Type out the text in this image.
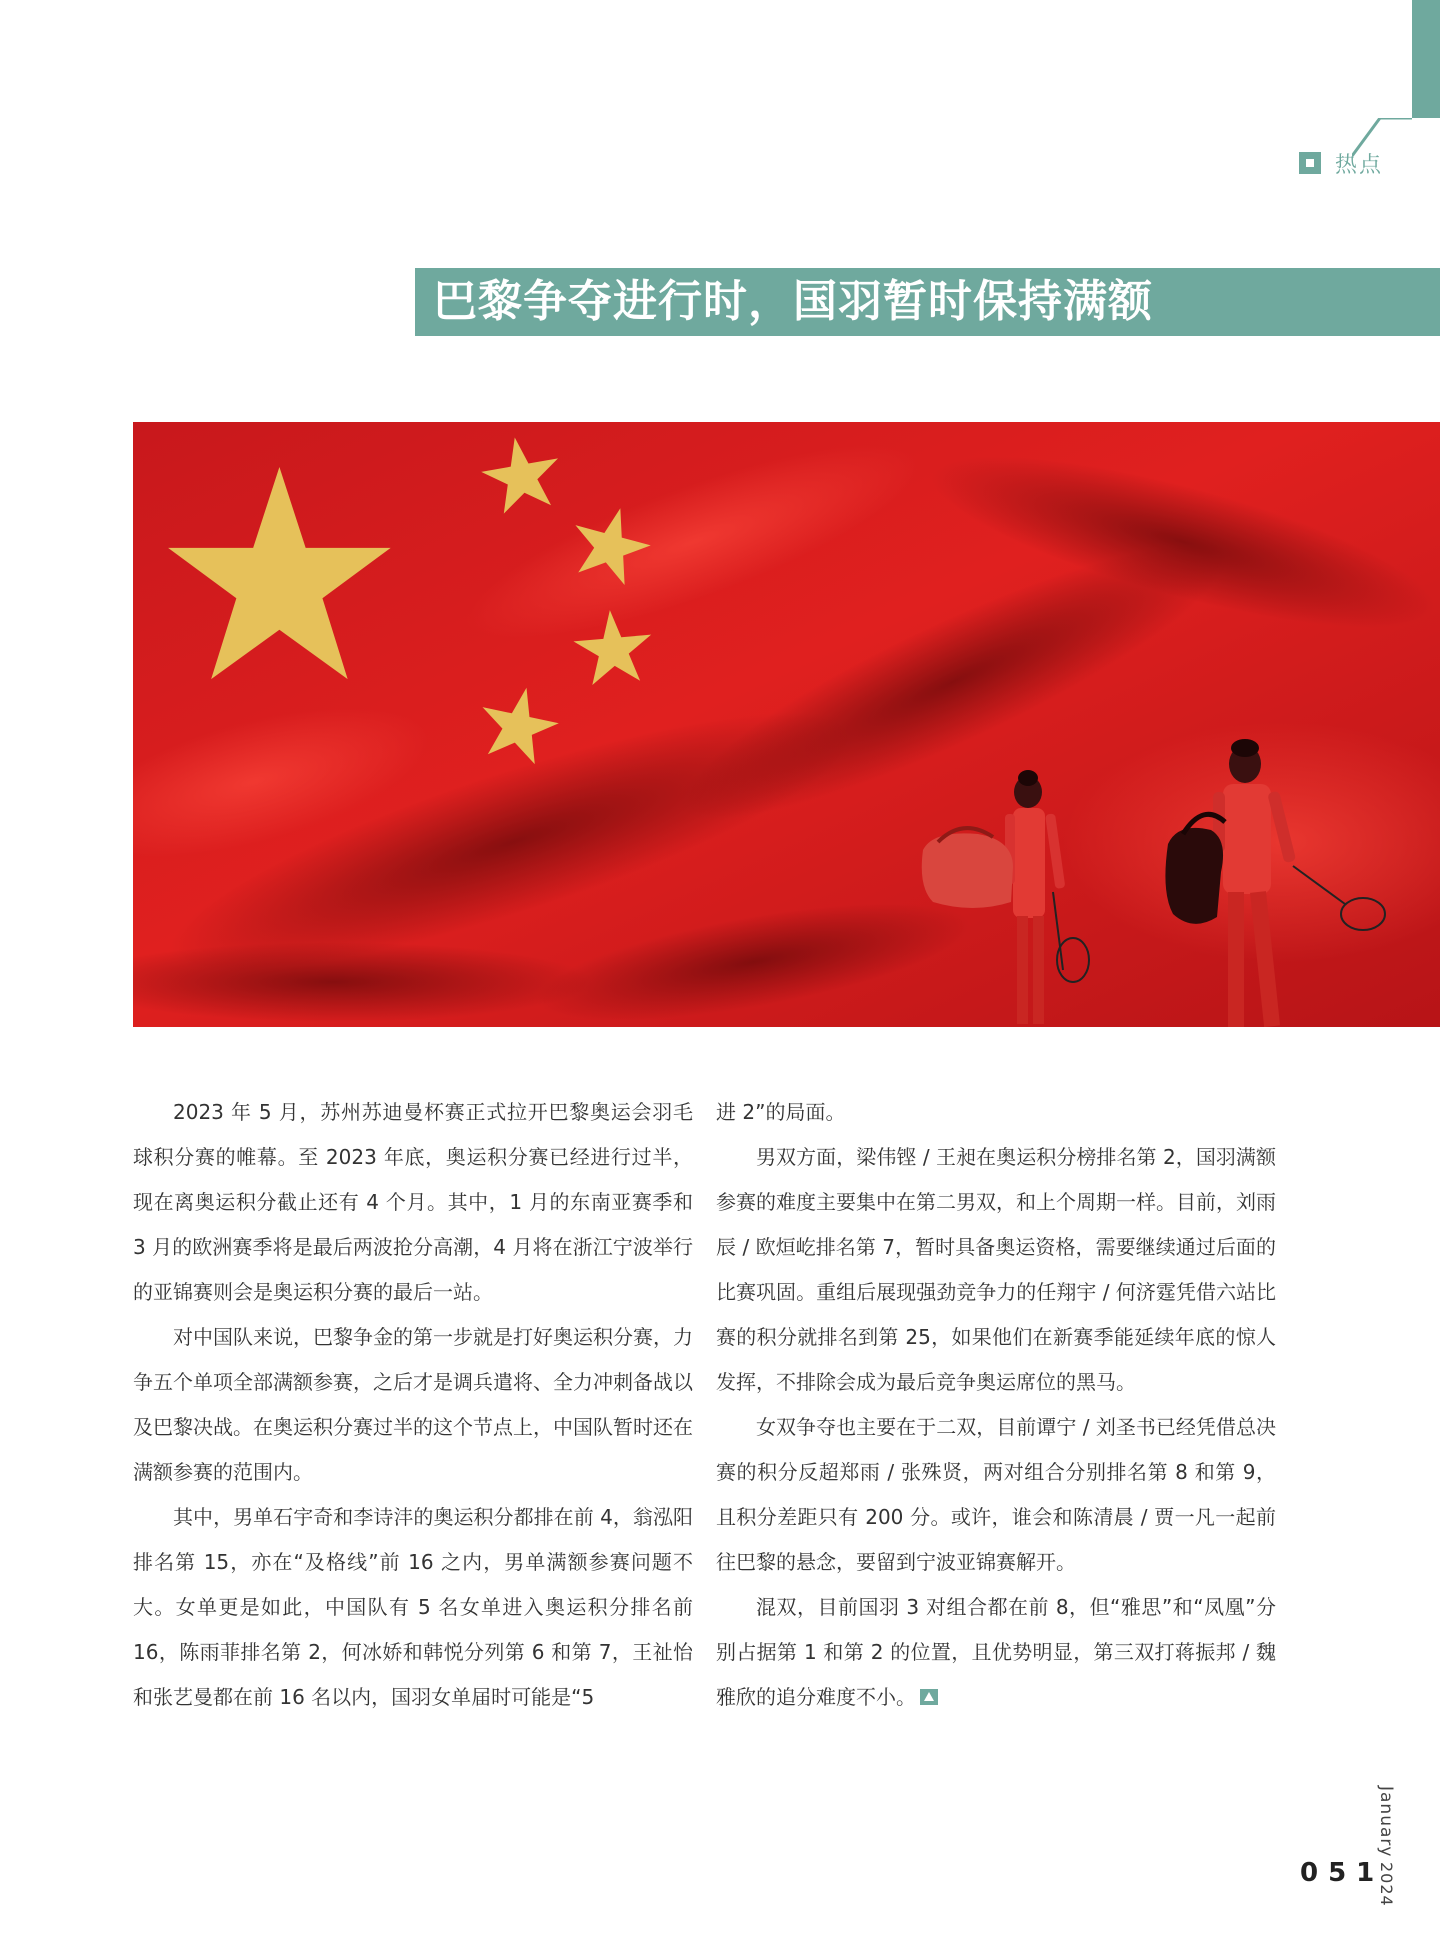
热点
巴黎争夺进行时，国羽暂时保持满额

2023 年 5 月，苏州苏迪曼杯赛正式拉开巴黎奥运会羽毛球积分赛的帷幕。至 2023 年底，奥运积分赛已经进行过半，现在离奥运积分截止还有 4 个月。其中，1 月的东南亚赛季和 3 月的欧洲赛季将是最后两波抢分高潮，4 月将在浙江宁波举行的亚锦赛则会是奥运积分赛的最后一站。

对中国队来说，巴黎争金的第一步就是打好奥运积分赛，力争五个单项全部满额参赛，之后才是调兵遣将、全力冲刺备战以及巴黎决战。在奥运积分赛过半的这个节点上，中国队暂时还在满额参赛的范围内。

其中，男单石宇奇和李诗沣的奥运积分都排在前 4，翁泓阳排名第 15，亦在“及格线”前 16 之内，男单满额参赛问题不大。女单更是如此，中国队有 5 名女单进入奥运积分排名前 16，陈雨菲排名第 2，何冰娇和韩悦分列第 6 和第 7，王祉怡和张艺曼都在前 16 名以内，国羽女单届时可能是“5

进 2”的局面。

男双方面，梁伟铿 / 王昶在奥运积分榜排名第 2，国羽满额参赛的难度主要集中在第二男双，和上个周期一样。目前，刘雨辰 / 欧烜屹排名第 7，暂时具备奥运资格，需要继续通过后面的比赛巩固。重组后展现强劲竞争力的任翔宇 / 何济霆凭借六站比赛的积分就排名到第 25，如果他们在新赛季能延续年底的惊人发挥，不排除会成为最后竞争奥运席位的黑马。

女双争夺也主要在于二双，目前谭宁 / 刘圣书已经凭借总决赛的积分反超郑雨 / 张殊贤，两对组合分别排名第 8 和第 9，且积分差距只有 200 分。或许，谁会和陈清晨 / 贾一凡一起前往巴黎的悬念，要留到宁波亚锦赛解开。

混双，目前国羽 3 对组合都在前 8，但“雅思”和“凤凰”分别占据第 1 和第 2 的位置，且优势明显，第三双打蒋振邦 / 魏雅欣的追分难度不小。

January
2024
051
